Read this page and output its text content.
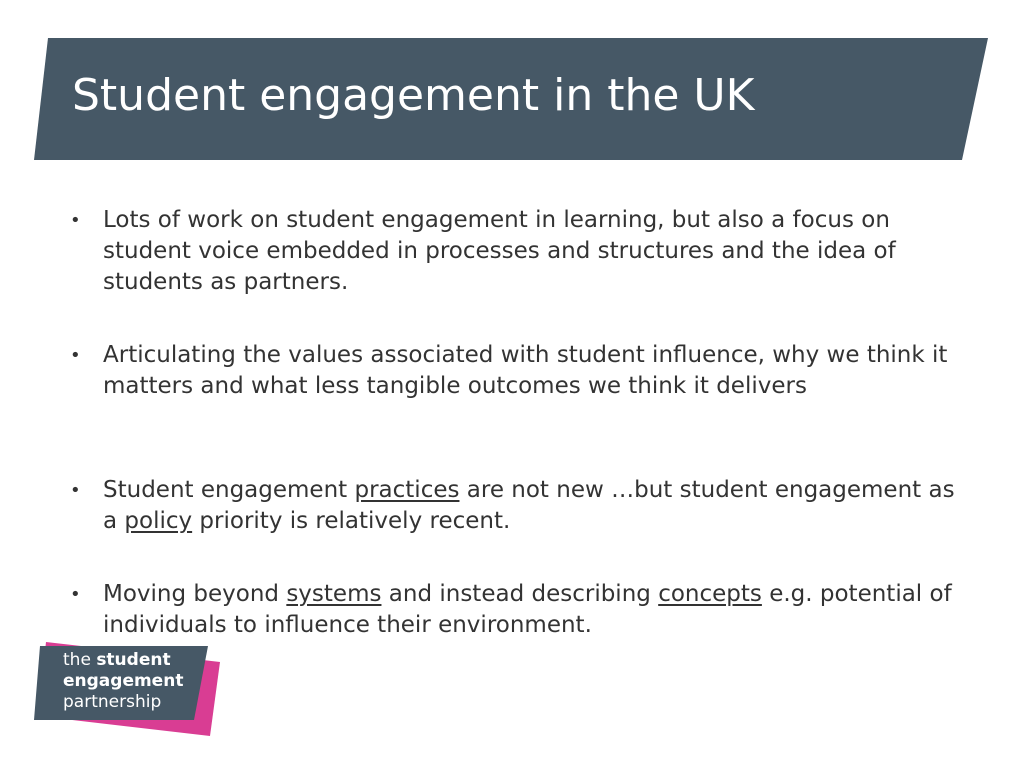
Student engagement in the UK
• Lots of work on student engagement in learning, but also a focus on student voice embedded in processes and structures and the idea of students as partners.
• Articulating the values associated with student influence, why we think it matters and what less tangible outcomes we think it delivers
• Student engagement practices are not new …but student engagement as a policy priority is relatively recent.
• Moving beyond systems and instead describing concepts e.g. potential of individuals to influence their environment.
the student
engagement
partnership
